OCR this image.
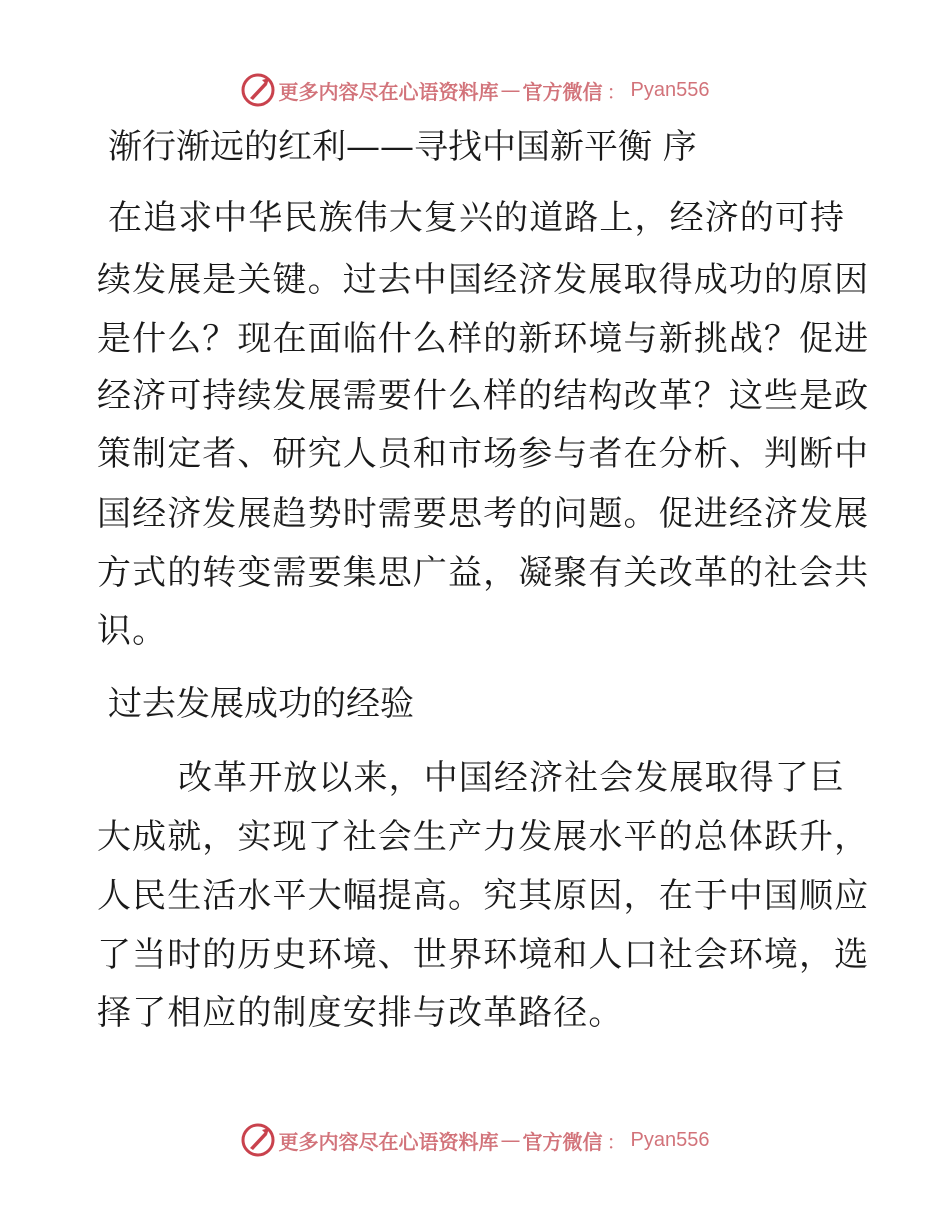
更多内容尽在心语资料库 — 官方微信 ： Pyan556
渐行渐远的红利——寻找中国新平衡 序
在追求中华民族伟大复兴的道路上，经济的可持
续发展是关键。过去中国经济发展取得成功的原因
是什么？现在面临什么样的新环境与新挑战？促进
经济可持续发展需要什么样的结构改革？这些是政
策制定者、研究人员和市场参与者在分析、判断中
国经济发展趋势时需要思考的问题。促进经济发展
方式的转变需要集思广益，凝聚有关改革的社会共
识。
过去发展成功的经验
改革开放以来，中国经济社会发展取得了巨
大成就，实现了社会生产力发展水平的总体跃升，
人民生活水平大幅提高。究其原因，在于中国顺应
了当时的历史环境、世界环境和人口社会环境，选
择了相应的制度安排与改革路径。
更多内容尽在心语资料库 — 官方微信 ： Pyan556
